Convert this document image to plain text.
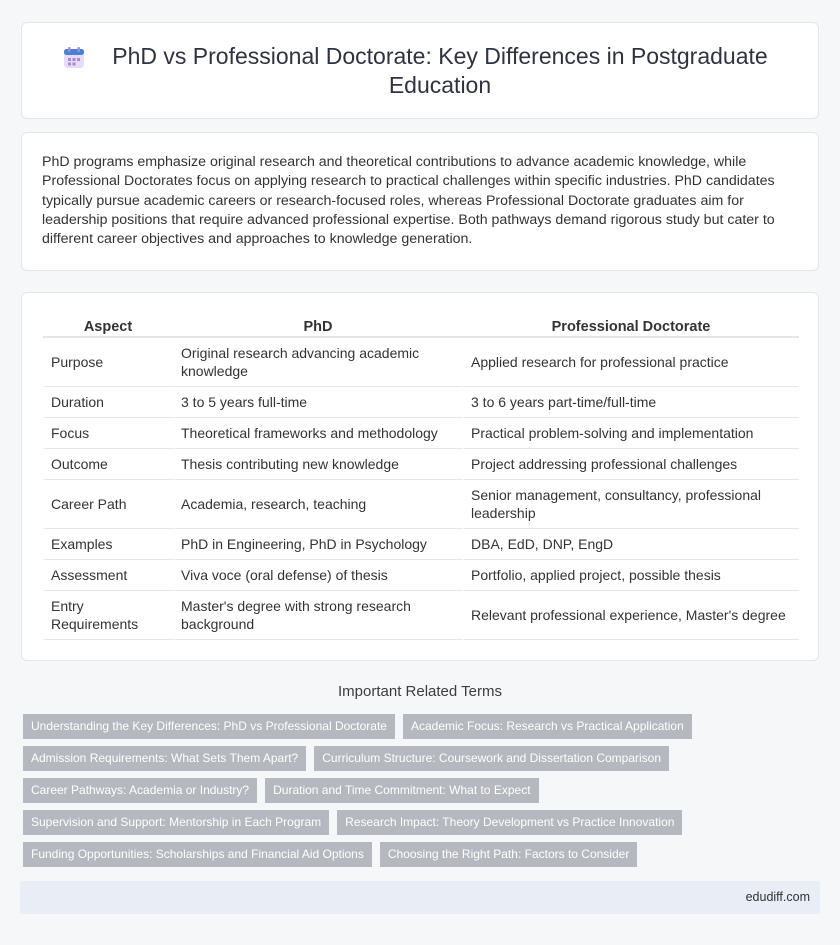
PhD vs Professional Doctorate: Key Differences in Postgraduate Education

PhD programs emphasize original research and theoretical contributions to advance academic knowledge, while Professional Doctorates focus on applying research to practical challenges within specific industries. PhD candidates typically pursue academic careers or research-focused roles, whereas Professional Doctorate graduates aim for leadership positions that require advanced professional expertise. Both pathways demand rigorous study but cater to different career objectives and approaches to knowledge generation.

Aspect	PhD	Professional Doctorate
Purpose	Original research advancing academic knowledge	Applied research for professional practice
Duration	3 to 5 years full-time	3 to 6 years part-time/full-time
Focus	Theoretical frameworks and methodology	Practical problem-solving and implementation
Outcome	Thesis contributing new knowledge	Project addressing professional challenges
Career Path	Academia, research, teaching	Senior management, consultancy, professional leadership
Examples	PhD in Engineering, PhD in Psychology	DBA, EdD, DNP, EngD
Assessment	Viva voce (oral defense) of thesis	Portfolio, applied project, possible thesis
Entry Requirements	Master's degree with strong research background	Relevant professional experience, Master's degree
Important Related Terms
Understanding the Key Differences: PhD vs Professional Doctorate	Academic Focus: Research vs Practical Application
Admission Requirements: What Sets Them Apart?	Curriculum Structure: Coursework and Dissertation Comparison
Career Pathways: Academia or Industry?	Duration and Time Commitment: What to Expect
Supervision and Support: Mentorship in Each Program	Research Impact: Theory Development vs Practice Innovation
Funding Opportunities: Scholarships and Financial Aid Options	Choosing the Right Path: Factors to Consider
edudiff.com
